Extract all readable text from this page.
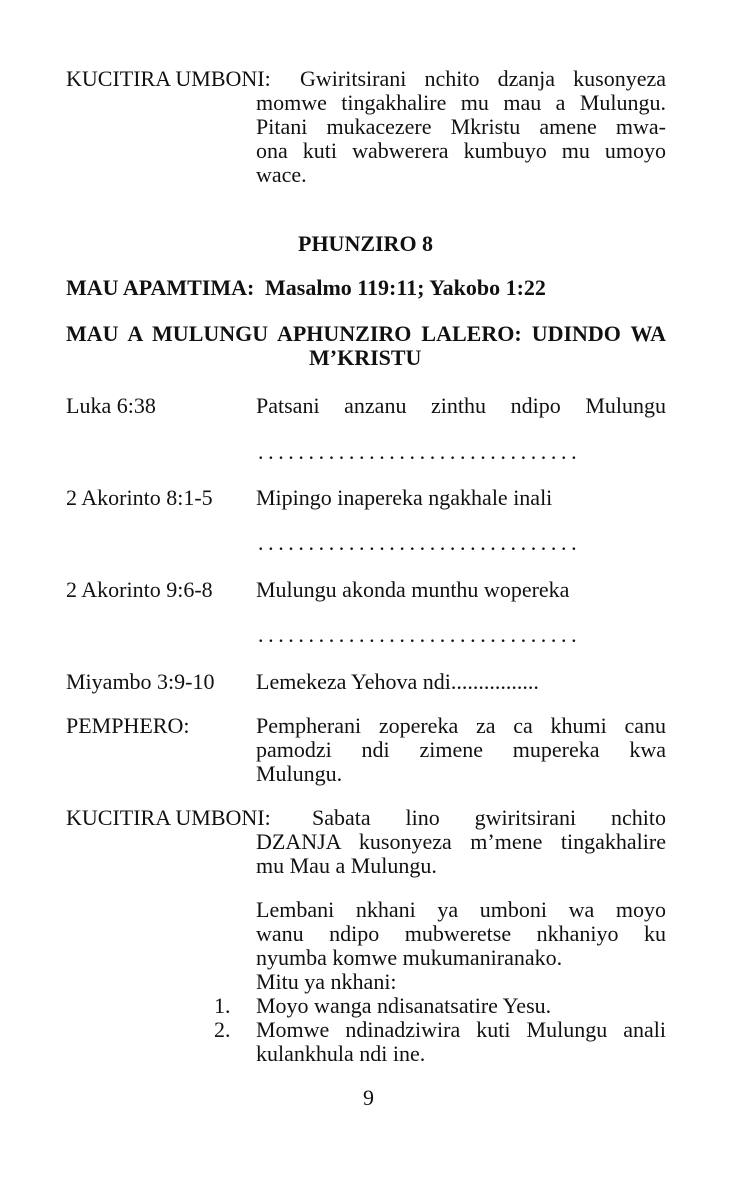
KUCITIRA UMBONI: Gwiritsirani nchito dzanja kusonyeza
momwe tingakhalire mu mau a Mulungu.
Pitani mukacezere Mkristu amene mwa-
ona kuti wabwerera kumbuyo mu umoyo
wace.
PHUNZIRO 8
MAU APAMTIMA: Masalmo 119:11; Yakobo 1:22
MAU A MULUNGU APHUNZIRO LALERO: UDINDO WA
M’KRISTU
Luka 6:38	Patsani anzanu zinthu ndipo Mulungu
................................
2 Akorinto 8:1-5 Mipingo inapereka ngakhale inali
................................
2 Akorinto 9:6-8 Mulungu akonda munthu wopereka
................................
Miyambo 3:9-10 Lemekeza Yehova ndi................
PEMPHERO:	Pempherani zopereka za ca khumi canu
pamodzi ndi zimene mupereka kwa
Mulungu.
KUCITIRA UMBONI: Sabata lino gwiritsirani nchito
DZANJA kusonyeza m’mene tingakhalire
mu Mau a Mulungu.
Lembani nkhani ya umboni wa moyo
wanu ndipo mubweretse nkhaniyo ku
nyumba komwe mukumaniranako.
Mitu ya nkhani:
1. Moyo wanga ndisanatsatire Yesu.
2. Momwe ndinadziwira kuti Mulungu anali
kulankhula ndi ine.
9
